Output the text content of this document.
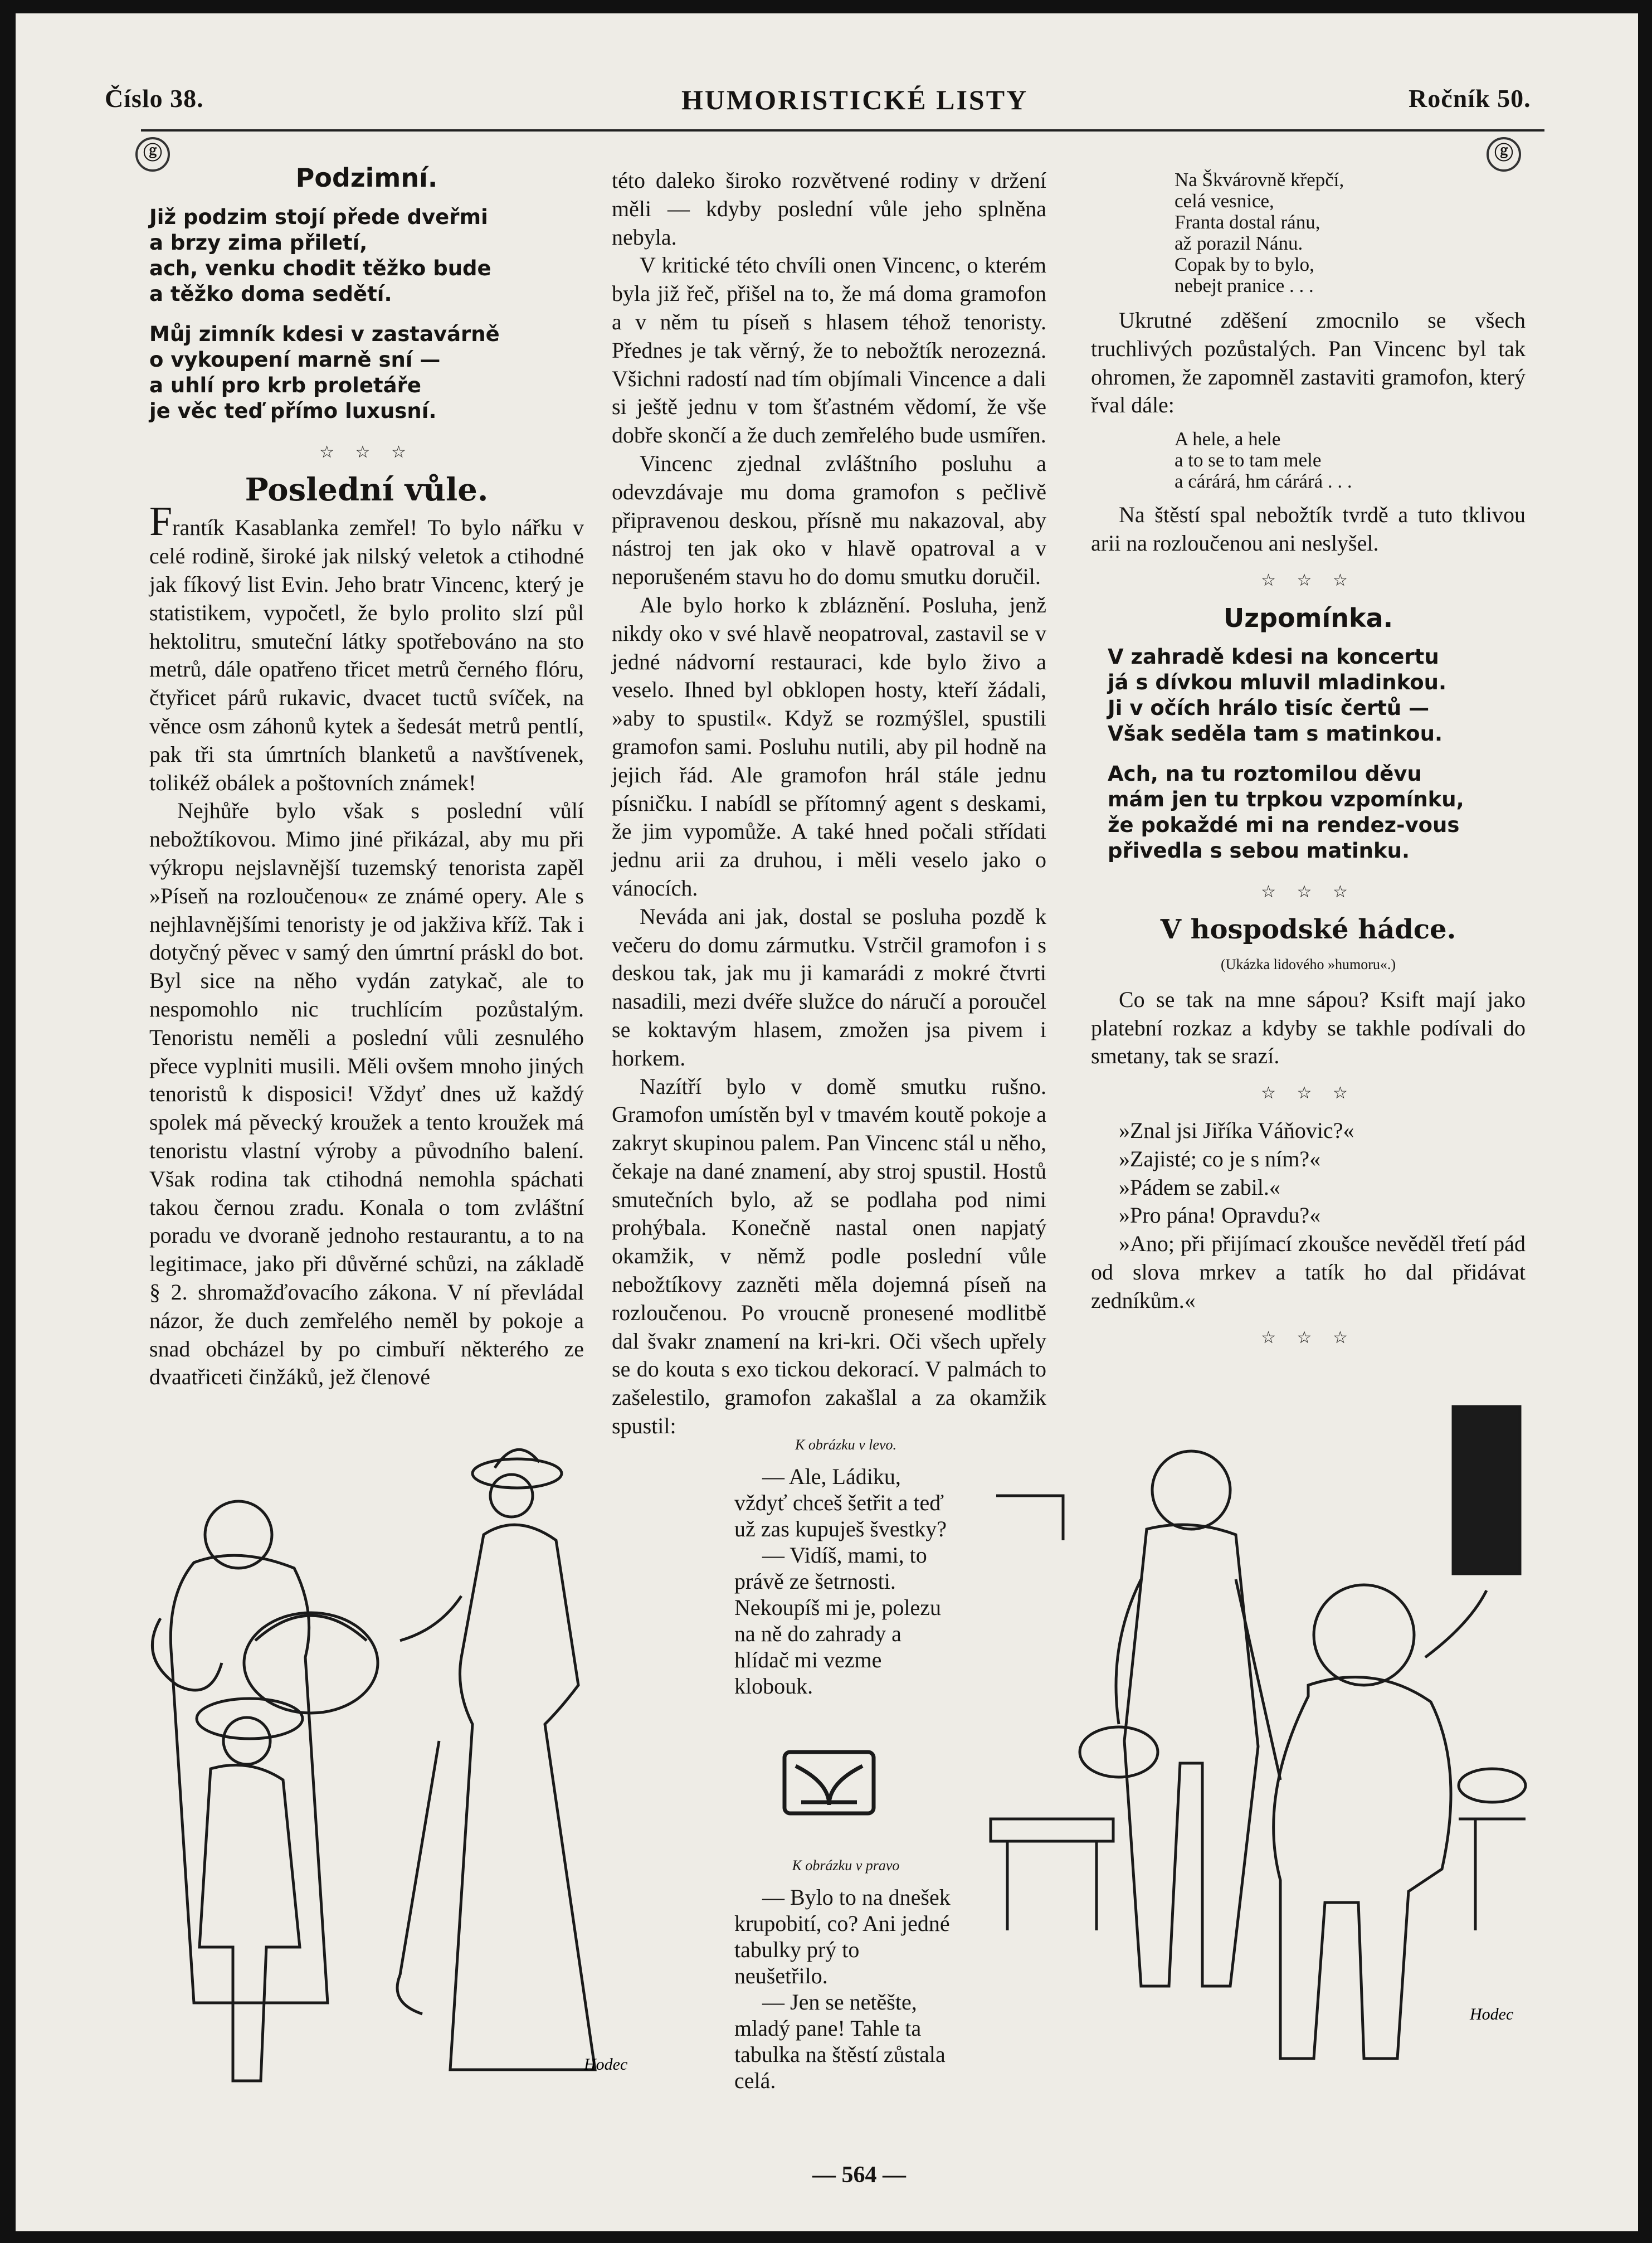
Číslo 38.	HUMORISTICKÉ LISTY	Ročník 50.
ⓖ	ⓖ
Podzimní.
Již podzim stojí přede dveřmi
a brzy zima přiletí,
ach, venku chodit těžko bude
a těžko doma sedětí.
Můj zimník kdesi v zastavárně
o vykoupení marně sní —
a uhlí pro krb proletáře
je věc teď přímo luxusní.
☆ ☆ ☆
Poslední vůle.

Frantík Kasablanka zemřel! To bylo nářku v celé rodině, široké jak nilský veletok a ctihodné jak fíkový list Evin. Jeho bratr Vincenc, který je statistikem, vypočetl, že bylo prolito slzí půl hektolitru, smuteční látky spotřebováno na sto metrů, dále opatřeno třicet metrů černého flóru, čtyřicet párů rukavic, dvacet tuctů svíček, na věnce osm záhonů kytek a šedesát metrů pentlí, pak tři sta úmrtních blanketů a navštívenek, tolikéž obálek a poštovních známek!

Nejhůře bylo však s poslední vůlí nebožtíkovou. Mimo jiné přikázal, aby mu při výkropu nejslavnější tuzemský tenorista zapěl »Píseň na rozloučenou« ze známé opery. Ale s nejhlavnějšími tenoristy je od jakživa kříž. Tak i dotyčný pěvec v samý den úmrtní práskl do bot. Byl sice na něho vydán zatykač, ale to nespomohlo nic truchlícím pozůstalým. Tenoristu neměli a poslední vůli zesnulého přece vyplniti musili. Měli ovšem mnoho jiných tenoristů k disposici! Vždyť dnes už každý spolek má pěvecký kroužek a tento kroužek má tenoristu vlastní výroby a původního balení. Však rodina tak ctihodná nemohla spáchati takou černou zradu. Konala o tom zvláštní poradu ve dvoraně jednoho restaurantu, a to na legitimace, jako při důvěrné schůzi, na základě § 2. shromažďovacího zákona. V ní převládal názor, že duch zemřelého neměl by pokoje a snad obcházel by po cimbuří některého ze dvaatřiceti činžáků, jež členové

této daleko široko rozvětvené rodiny v držení měli — kdyby poslední vůle jeho splněna nebyla.

V kritické této chvíli onen Vincenc, o kterém byla již řeč, přišel na to, že má doma gramofon a v něm tu píseň s hlasem téhož tenoristy. Přednes je tak věrný, že to nebožtík nerozezná. Všichni radostí nad tím objímali Vincence a dali si ještě jednu v tom šťastném vědomí, že vše dobře skončí a že duch zemřelého bude usmířen.

Vincenc zjednal zvláštního posluhu a odevzdávaje mu doma gramofon s pečlivě připravenou deskou, přísně mu nakazoval, aby nástroj ten jak oko v hlavě opatroval a v neporušeném stavu ho do domu smutku doručil.

Ale bylo horko k zbláznění. Posluha, jenž nikdy oko v své hlavě neopatroval, zastavil se v jedné nádvorní restauraci, kde bylo živo a veselo. Ihned byl obklopen hosty, kteří žádali, »aby to spustil«. Když se rozmýšlel, spustili gramofon sami. Posluhu nutili, aby pil hodně na jejich řád. Ale gramofon hrál stále jednu písničku. I nabídl se přítomný agent s deskami, že jim vypomůže. A také hned počali střídati jednu arii za druhou, i měli veselo jako o vánocích.

Neváda ani jak, dostal se posluha pozdě k večeru do domu zármutku. Vstrčil gramofon i s deskou tak, jak mu ji kamarádi z mokré čtvrti nasadili, mezi dvéře služce do náručí a poroučel se koktavým hlasem, zmožen jsa pivem i horkem.

Nazítří bylo v domě smutku rušno. Gramofon umístěn byl v tmavém koutě pokoje a zakryt skupinou palem. Pan Vincenc stál u něho, čekaje na dané znamení, aby stroj spustil. Hostů smutečních bylo, až se podlaha pod nimi prohýbala. Konečně nastal onen napjatý okamžik, v němž podle poslední vůle nebožtíkovy zazněti měla dojemná píseň na rozloučenou. Po vroucně pronesené modlitbě dal švakr znamení na kri-kri. Oči všech upřely se do kouta s exo tickou dekorací. V palmách to zašelestilo, gramofon zakašlal a za okamžik spustil:

Na Škvárovně křepčí,
celá vesnice,
Franta dostal ránu,
až porazil Nánu.
Copak by to bylo,
nebejt pranice . . .

Ukrutné zděšení zmocnilo se všech truchlivých pozůstalých. Pan Vincenc byl tak ohromen, že zapomněl zastaviti gramofon, který řval dále:

A hele, a hele
a to se to tam mele
a cárárá, hm cárárá . . .

Na štěstí spal nebožtík tvrdě a tuto tklivou arii na rozloučenou ani neslyšel.

☆ ☆ ☆
Uzpomínka.
V zahradě kdesi na koncertu
já s dívkou mluvil mladinkou.
Ji v očích hrálo tisíc čertů —
Však seděla tam s matinkou.
Ach, na tu roztomilou děvu
mám jen tu trpkou vzpomínku,
že pokaždé mi na rendez-vous
přivedla s sebou matinku.
☆ ☆ ☆
V hospodské hádce.
(Ukázka lidového »humoru«.)

Co se tak na mne sápou? Ksift mají jako platební rozkaz a kdyby se takhle podívali do smetany, tak se srazí.

☆ ☆ ☆

»Znal jsi Jiříka Váňovic?«

»Zajisté; co je s ním?«

»Pádem se zabil.«

»Pro pána! Opravdu?«

»Ano; při přijímací zkoušce nevěděl třetí pád od slova mrkev a tatík ho dal přidávat zedníkům.«

☆ ☆ ☆
Hodec
K obrázku v levo.

— Ale, Ládiku, vždyť chceš šetřit a teď už zas kupuješ švestky?

— Vidíš, mami, to právě ze šetrnosti. Nekoupíš mi je, polezu na ně do zahrady a hlídač mi vezme klobouk.

K obrázku v pravo

— Bylo to na dnešek krupobití, co? Ani jedné tabulky prý to neušetřilo.

— Jen se netěšte, mladý pane! Tahle ta tabulka na štěstí zůstala celá.

Hodec
— 564 —
